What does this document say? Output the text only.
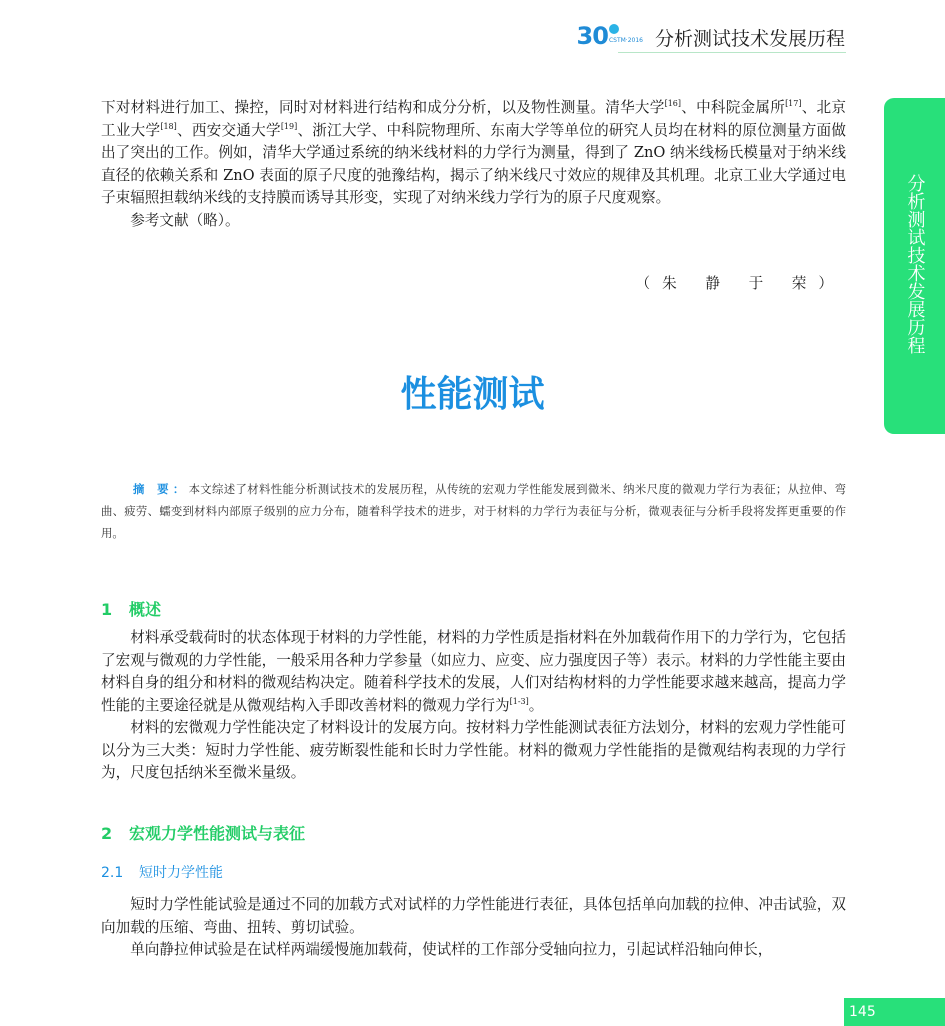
30 CSTM·2016 分析测试技术发展历程
分析测试技术发展历程

下对材料进行加工、操控，同时对材料进行结构和成分分析，以及物性测量。清华大学[16]、中科院金属所[17]、北京工业大学[18]、西安交通大学[19]、浙江大学、中科院物理所、东南大学等单位的研究人员均在材料的原位测量方面做出了突出的工作。例如，清华大学通过系统的纳米线材料的力学行为测量，得到了 ZnO 纳米线杨氏模量对于纳米线直径的依赖关系和 ZnO 表面的原子尺度的弛豫结构，揭示了纳米线尺寸效应的规律及其机理。北京工业大学通过电子束辐照担载纳米线的支持膜而诱导其形变，实现了对纳米线力学行为的原子尺度观察。

参考文献（略）。

（朱 静 于 荣）
性能测试

摘 要：本文综述了材料性能分析测试技术的发展历程，从传统的宏观力学性能发展到微米、纳米尺度的微观力学行为表征；从拉伸、弯曲、疲劳、蠕变到材料内部原子级别的应力分布，随着科学技术的进步，对于材料的力学行为表征与分析，微观表征与分析手段将发挥更重要的作用。

1 概述

材料承受载荷时的状态体现于材料的力学性能，材料的力学性质是指材料在外加载荷作用下的力学行为，它包括了宏观与微观的力学性能，一般采用各种力学参量（如应力、应变、应力强度因子等）表示。材料的力学性能主要由材料自身的组分和材料的微观结构决定。随着科学技术的发展，人们对结构材料的力学性能要求越来越高，提高力学性能的主要途径就是从微观结构入手即改善材料的微观力学行为[1-3]。

材料的宏微观力学性能决定了材料设计的发展方向。按材料力学性能测试表征方法划分，材料的宏观力学性能可以分为三大类：短时力学性能、疲劳断裂性能和长时力学性能。材料的微观力学性能指的是微观结构表现的力学行为，尺度包括纳米至微米量级。

2 宏观力学性能测试与表征
2.1 短时力学性能

短时力学性能试验是通过不同的加载方式对试样的力学性能进行表征，具体包括单向加载的拉伸、冲击试验，双向加载的压缩、弯曲、扭转、剪切试验。

单向静拉伸试验是在试样两端缓慢施加载荷，使试样的工作部分受轴向拉力，引起试样沿轴向伸长，

145
